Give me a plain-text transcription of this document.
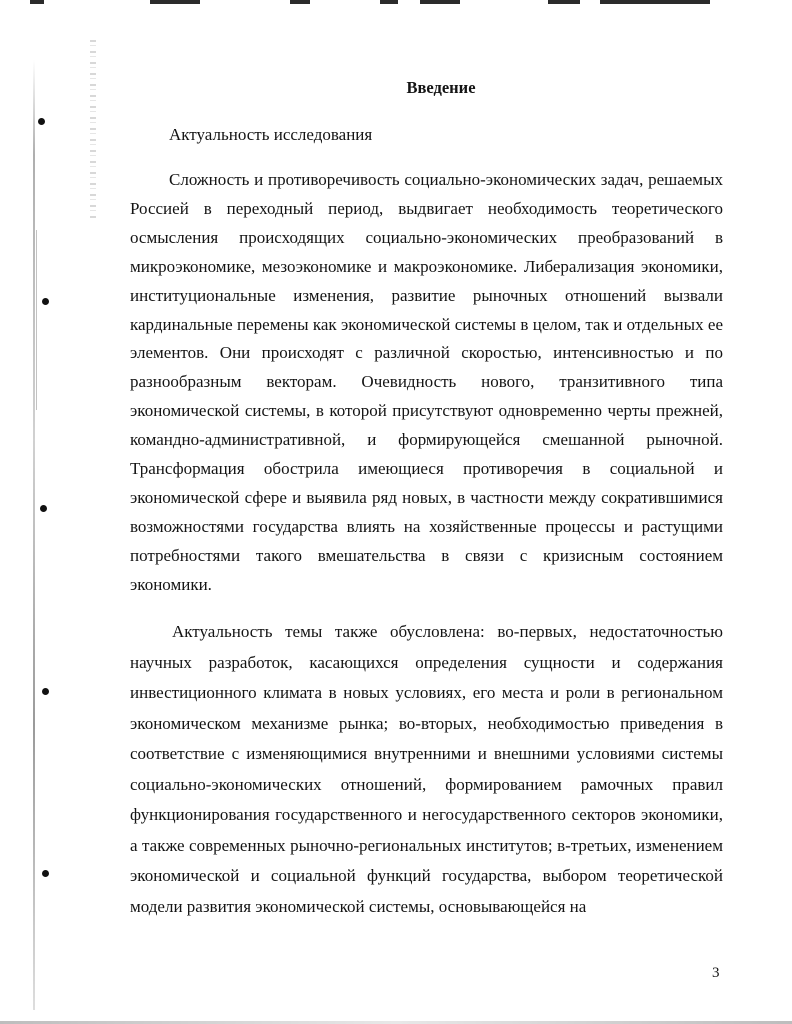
Введение

Актуальность исследования

Сложность и противоречивость социально-экономических задач, решаемых Россией в переходный период, выдвигает необходимость теоретического осмысления происходящих социально-экономических преобразований в микроэкономике, мезоэкономике и макроэкономике. Либерализация экономики, институциональные изменения, развитие рыночных отношений вызвали кардинальные перемены как экономической системы в целом, так и отдельных ее элементов. Они происходят с различной скоростью, интенсивностью и по разнообразным векторам. Очевидность нового, транзитивного типа экономической системы, в которой присутствуют одновременно черты прежней, командно-административной, и формирующейся смешанной рыночной. Трансформация обострила имеющиеся противоречия в социальной и экономической сфере и выявила ряд новых, в частности между сократившимися возможностями государства влиять на хозяйственные процессы и растущими потребностями такого вмешательства в связи с кризисным состоянием экономики.

Актуальность темы также обусловлена: во-первых, недостаточностью научных разработок, касающихся определения сущности и содержания инвестиционного климата в новых условиях, его места и роли в региональном экономическом механизме рынка; во-вторых, необходимостью приведения в соответствие с изменяющимися внутренними и внешними условиями системы социально-экономических отношений, формированием рамочных правил функционирования государственного и негосударственного секторов экономики, а также современных рыночно-региональных институтов; в-третьих, изменением экономической и социальной функций государства, выбором теоретической модели развития экономической системы, основывающейся на

3
